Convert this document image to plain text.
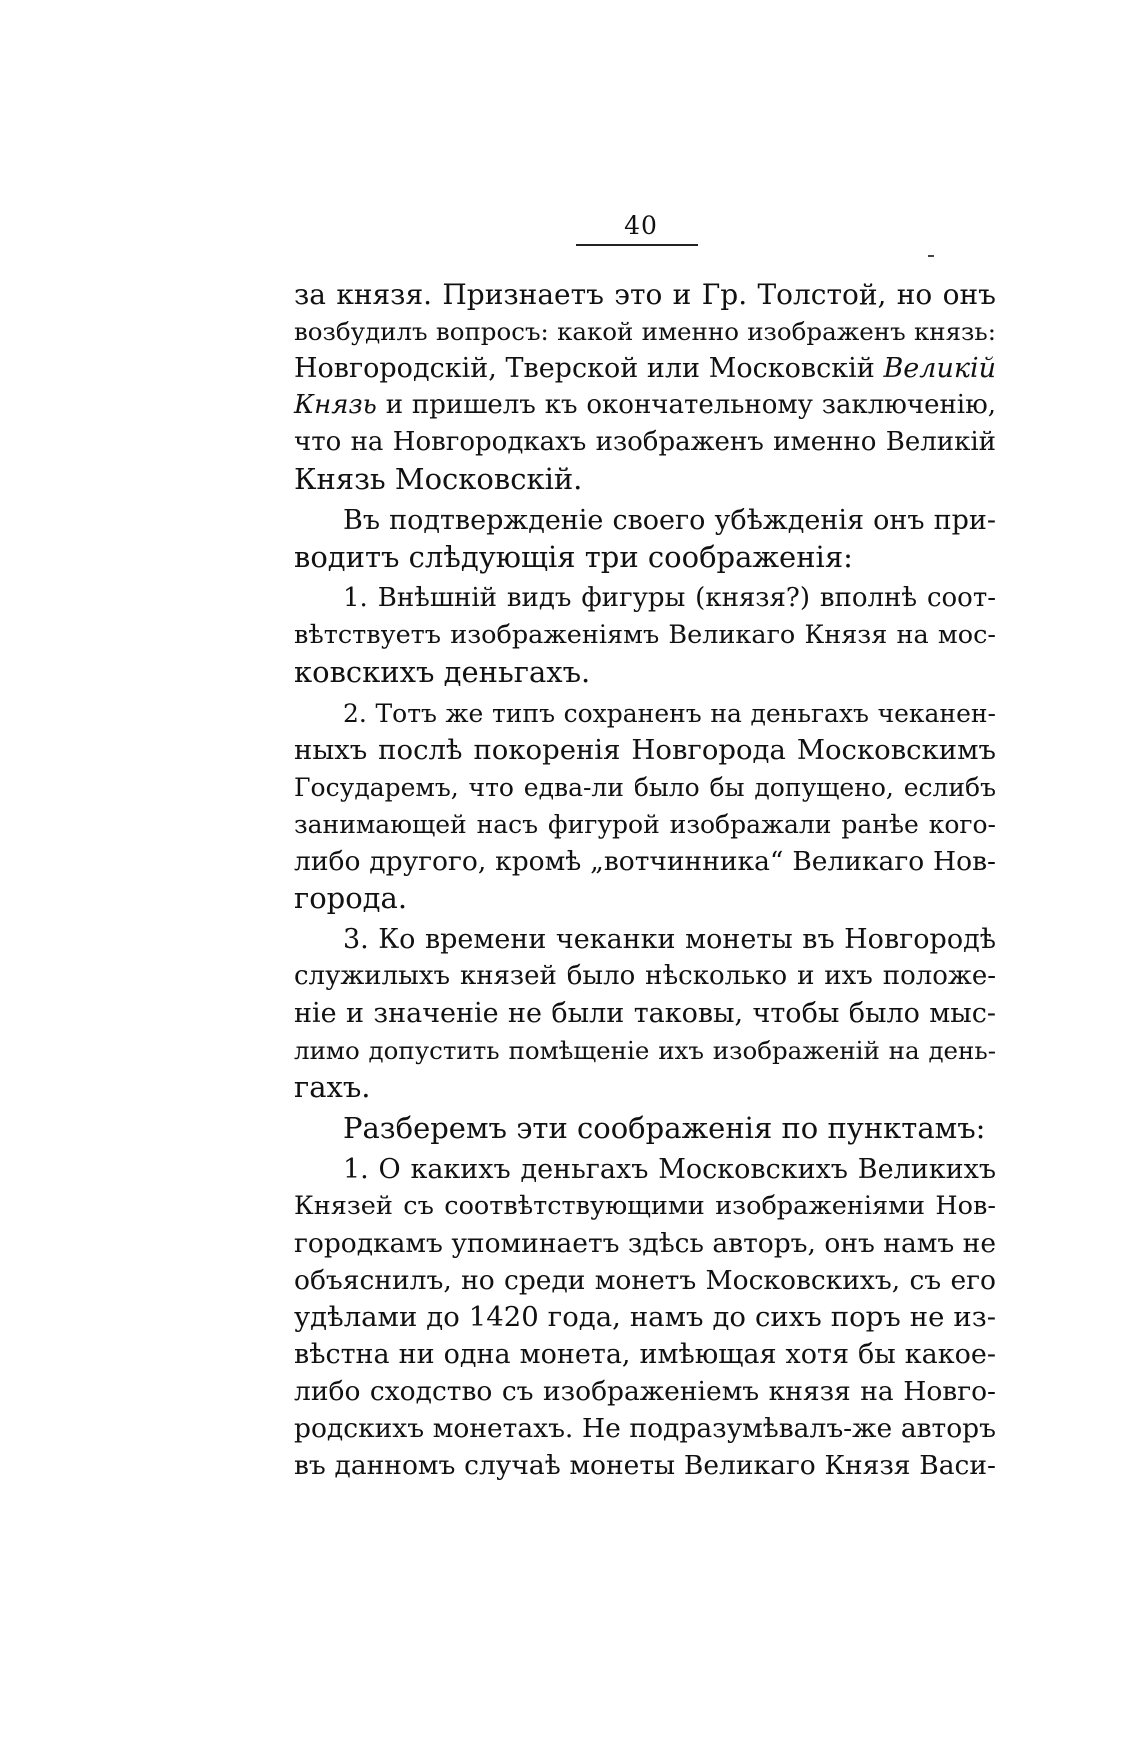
40
за князя. Признаетъ это и Гр. Толстой, но онъ
возбудилъ вопросъ: какой именно изображенъ князь:
Новгородскій, Тверской или Московскій Великій
Князь и пришелъ къ окончательному заключенію,
что на Новгородкахъ изображенъ именно Великій
Князь Московскій.
Въ подтвержденіе своего убѣжденія онъ при-
водитъ слѣдующія три соображенія:
1. Внѣшній видъ фигуры (князя?) вполнѣ соот-
вѣтствуетъ изображеніямъ Великаго Князя на мос-
ковскихъ деньгахъ.
2. Тотъ же типъ сохраненъ на деньгахъ чеканен-
ныхъ послѣ покоренія Новгорода Московскимъ
Государемъ, что едва-ли было бы допущено, еслибъ
занимающей насъ фигурой изображали ранѣе кого-
либо другого, кромѣ „вотчинника“ Великаго Нов-
города.
3. Ко времени чеканки монеты въ Новгородѣ
служилыхъ князей было нѣсколько и ихъ положе-
ніе и значеніе не были таковы, чтобы было мыс-
лимо допустить помѣщеніе ихъ изображеній на день-
гахъ.
Разберемъ эти соображенія по пунктамъ:
1. О какихъ деньгахъ Московскихъ Великихъ
Князей съ соотвѣтствующими изображеніями Нов-
городкамъ упоминаетъ здѣсь авторъ, онъ намъ не
объяснилъ, но среди монетъ Московскихъ, съ его
удѣлами до 1420 года, намъ до сихъ поръ не из-
вѣстна ни одна монета, имѣющая хотя бы какое-
либо сходство съ изображеніемъ князя на Новго-
родскихъ монетахъ. Не подразумѣвалъ-же авторъ
въ данномъ случаѣ монеты Великаго Князя Васи-
